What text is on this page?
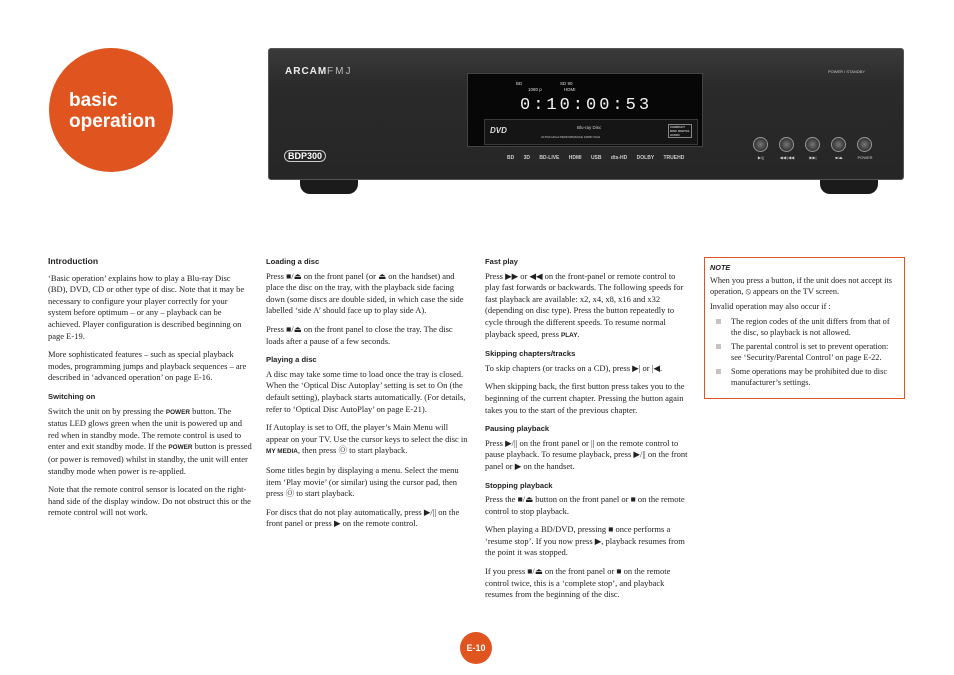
basic operation
ARCAM FMJ	POWER / STANDBY
BD
1080 p	HDMI
SD 90
0:10:00:53
DVD	Blu-ray Disc
ULTRA HIGH PERFORMANCE 1080P 24Hz
COMPACT DISC DIGITAL AUDIO
BDP300	BD 3D BD-LIVE HDMI USB dts-HD DOLBY TRUEHD	▶/||	◀◀/|◀◀	▶▶|	■/⏏	POWER
Introduction

‘Basic operation’ explains how to play a Blu-ray Disc (BD), DVD, CD or other type of disc. Note that it may be necessary to configure your player correctly for your system before optimum – or any – playback can be achieved. Player configuration is described beginning on page E-19.

More sophisticated features – such as special playback modes, programming jumps and playback sequences – are described in ‘advanced operation’ on page E-16.

Switching on

Switch the unit on by pressing the POWER button. The status LED glows green when the unit is powered up and red when in standby mode. The remote control is used to enter and exit standby mode. If the POWER button is pressed (or power is removed) whilst in standby, the unit will enter standby mode when power is re-applied.

Note that the remote control sensor is located on the right-hand side of the display window. Do not obstruct this or the remote control will not work.

Loading a disc

Press ■/⏏ on the front panel (or ⏏ on the handset) and place the disc on the tray, with the playback side facing down (some discs are double sided, in which case the side labelled ‘side A’ should face up to play side A).

Press ■/⏏ on the front panel to close the tray. The disc loads after a pause of a few seconds.

Playing a disc

A disc may take some time to load once the tray is closed. When the ‘Optical Disc Autoplay’ setting is set to On (the default setting), playback starts automatically. (For details, refer to ‘Optical Disc AutoPlay’ on page E-21).

If Autoplay is set to Off, the player’s Main Menu will appear on your TV. Use the cursor keys to select the disc in MY MEDIA, then press Ⓞ to start playback.

Some titles begin by displaying a menu. Select the menu item ‘Play movie’ (or similar) using the cursor pad, then press Ⓞ to start playback.

For discs that do not play automatically, press ▶/|| on the front panel or press ▶ on the remote control.

Fast play

Press ▶▶ or ◀◀ on the front-panel or remote control to play fast forwards or backwards. The following speeds for fast playback are available: x2, x4, x8, x16 and x32 (depending on disc type). Press the button repeatedly to cycle through the different speeds. To resume normal playback speed, press PLAY.

Skipping chapters/tracks

To skip chapters (or tracks on a CD), press ▶| or |◀.

When skipping back, the first button press takes you to the beginning of the current chapter. Pressing the button again takes you to the start of the previous chapter.

Pausing playback

Press ▶/|| on the front panel or || on the remote control to pause playback. To resume playback, press ▶/|| on the front panel or ▶ on the handset.

Stopping playback

Press the ■/⏏ button on the front panel or ■ on the remote control to stop playback.

When playing a BD/DVD, pressing ■ once performs a ‘resume stop’. If you now press ▶, playback resumes from the point it was stopped.

If you press ■/⏏ on the front panel or ■ on the remote control twice, this is a ‘complete stop’, and playback resumes from the beginning of the disc.

NOTE

When you press a button, if the unit does not accept its operation, ⦸ appears on the TV screen.

Invalid operation may also occur if :

The region codes of the unit differs from that of the disc, so playback is not allowed.
The parental control is set to prevent operation: see ‘Security/Parental Control’ on page E-22.
Some operations may be prohibited due to disc manufacturer’s settings.
E-10
